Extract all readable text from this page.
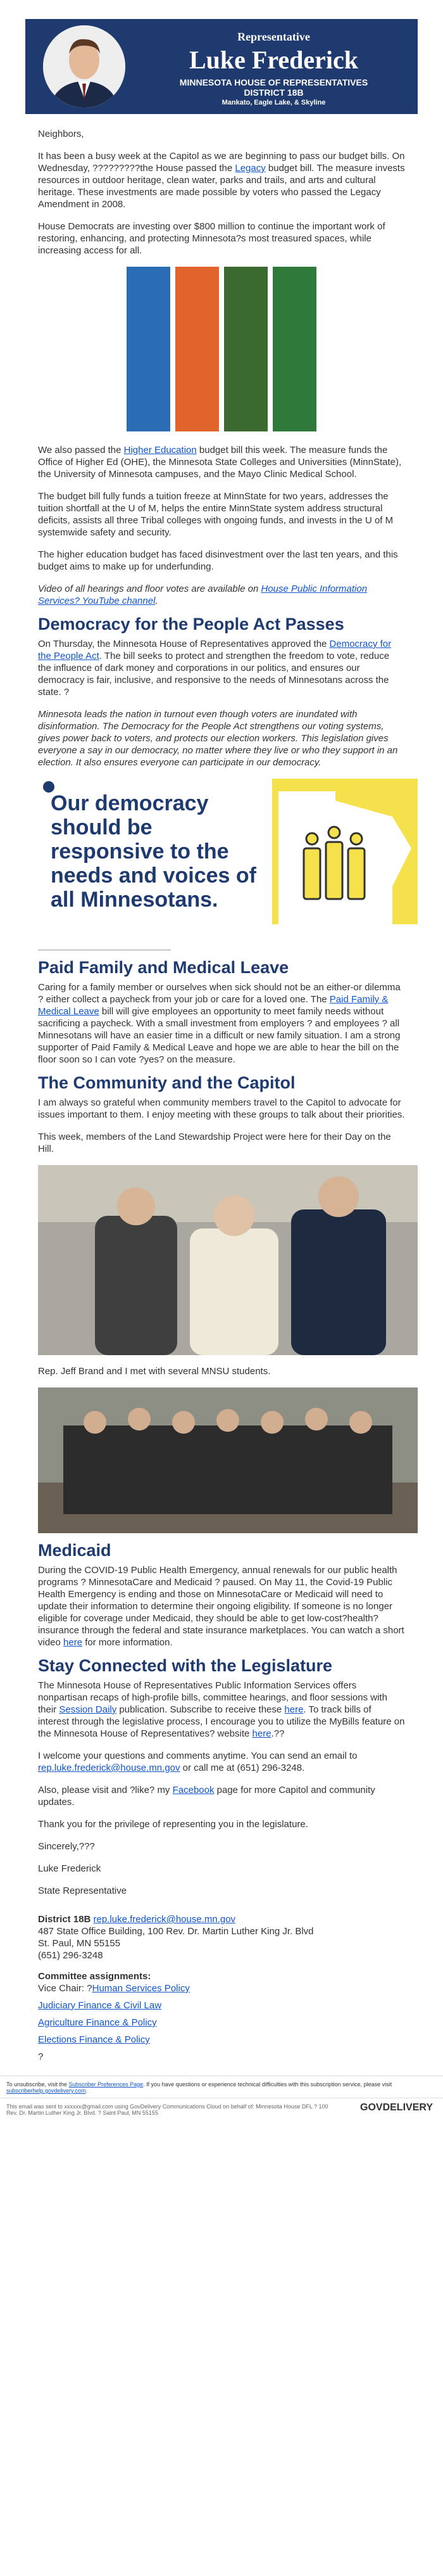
Representative
Luke Frederick
MINNESOTA HOUSE OF REPRESENTATIVES
DISTRICT 18B
Mankato, Eagle Lake, & Skyline

Neighbors,

It has been a busy week at the Capitol as we are beginning to pass our budget bills. On Wednesday, ?????????the House passed the Legacy budget bill. The measure invests resources in outdoor heritage, clean water, parks and trails, and arts and cultural heritage. These investments are made possible by voters who passed the Legacy Amendment in 2008.

House Democrats are investing over $800 million to continue the important work of restoring, enhancing, and protecting Minnesota?s most treasured spaces, while increasing access for all.

We also passed the Higher Education budget bill this week. The measure funds the Office of Higher Ed (OHE), the Minnesota State Colleges and Universities (MinnState), the University of Minnesota campuses, and the Mayo Clinic Medical School.

The budget bill fully funds a tuition freeze at MinnState for two years, addresses the tuition shortfall at the U of M, helps the entire MinnState system address structural deficits, assists all three Tribal colleges with ongoing funds, and invests in the U of M systemwide safety and security.

The higher education budget has faced disinvestment over the last ten years, and this budget aims to make up for underfunding.

Video of all hearings and floor votes are available on House Public Information Services? YouTube channel.

Democracy for the People Act Passes

On Thursday, the Minnesota House of Representatives approved the Democracy for the People Act. The bill seeks to protect and strengthen the freedom to vote, reduce the influence of dark money and corporations in our politics, and ensures our democracy is fair, inclusive, and responsive to the needs of Minnesotans across the state. ?

Minnesota leads the nation in turnout even though voters are inundated with disinformation. The Democracy for the People Act strengthens our voting systems, gives power back to voters, and protects our election workers. This legislation gives everyone a say in our democracy, no matter where they live or who they support in an election. It also ensures everyone can participate in our democracy.

Our democracy should be responsive to the needs and voices of all Minnesotans.
Paid Family and Medical Leave

Caring for a family member or ourselves when sick should not be an either-or dilemma ? either collect a paycheck from your job or care for a loved one. The Paid Family & Medical Leave bill will give employees an opportunity to meet family needs without sacrificing a paycheck. With a small investment from employers ? and employees ? all Minnesotans will have an easier time in a difficult or new family situation. I am a strong supporter of Paid Family & Medical Leave and hope we are able to hear the bill on the floor soon so I can vote ?yes? on the measure.

The Community and the Capitol

I am always so grateful when community members travel to the Capitol to advocate for issues important to them. I enjoy meeting with these groups to talk about their priorities.

This week, members of the Land Stewardship Project were here for their Day on the Hill.

Rep. Jeff Brand and I met with several MNSU students.

Medicaid

During the COVID-19 Public Health Emergency, annual renewals for our public health programs ? MinnesotaCare and Medicaid ? paused. On May 11, the Covid-19 Public Health Emergency is ending and those on MinnesotaCare or Medicaid will need to update their information to determine their ongoing eligibility. If someone is no longer eligible for coverage under Medicaid, they should be able to get low-cost?health? insurance through the federal and state insurance marketplaces. You can watch a short video here for more information.

Stay Connected with the Legislature

The Minnesota House of Representatives Public Information Services offers nonpartisan recaps of high-profile bills, committee hearings, and floor sessions with their Session Daily publication. Subscribe to receive these here. To track bills of interest through the legislative process, I encourage you to utilize the MyBills feature on the Minnesota House of Representatives? website here.??

I welcome your questions and comments anytime. You can send an email to rep.luke.frederick@house.mn.gov or call me at (651) 296-3248.

Also, please visit and ?like? my Facebook page for more Capitol and community updates.

Thank you for the privilege of representing you in the legislature.

Sincerely,???

Luke Frederick

State Representative

District 18B rep.luke.frederick@house.mn.gov

487 State Office Building, 100 Rev. Dr. Martin Luther King Jr. Blvd

St. Paul, MN 55155

(651) 296-3248

Committee assignments:

Vice Chair: ?Human Services Policy

Judiciary Finance & Civil Law

Agriculture Finance & Policy

Elections Finance & Policy

?

To unsubscribe, visit the Subscriber Preferences Page. If you have questions or experience technical difficulties with this subscription service, please visit subscriberhelp.govdelivery.com.
This email was sent to xxxxxx@gmail.com using GovDelivery Communications Cloud on behalf of: Minnesota House DFL ? 100 Rev. Dr. Martin Luther King Jr. Blvd. ? Saint Paul, MN 55155	GOVDELIVERY
